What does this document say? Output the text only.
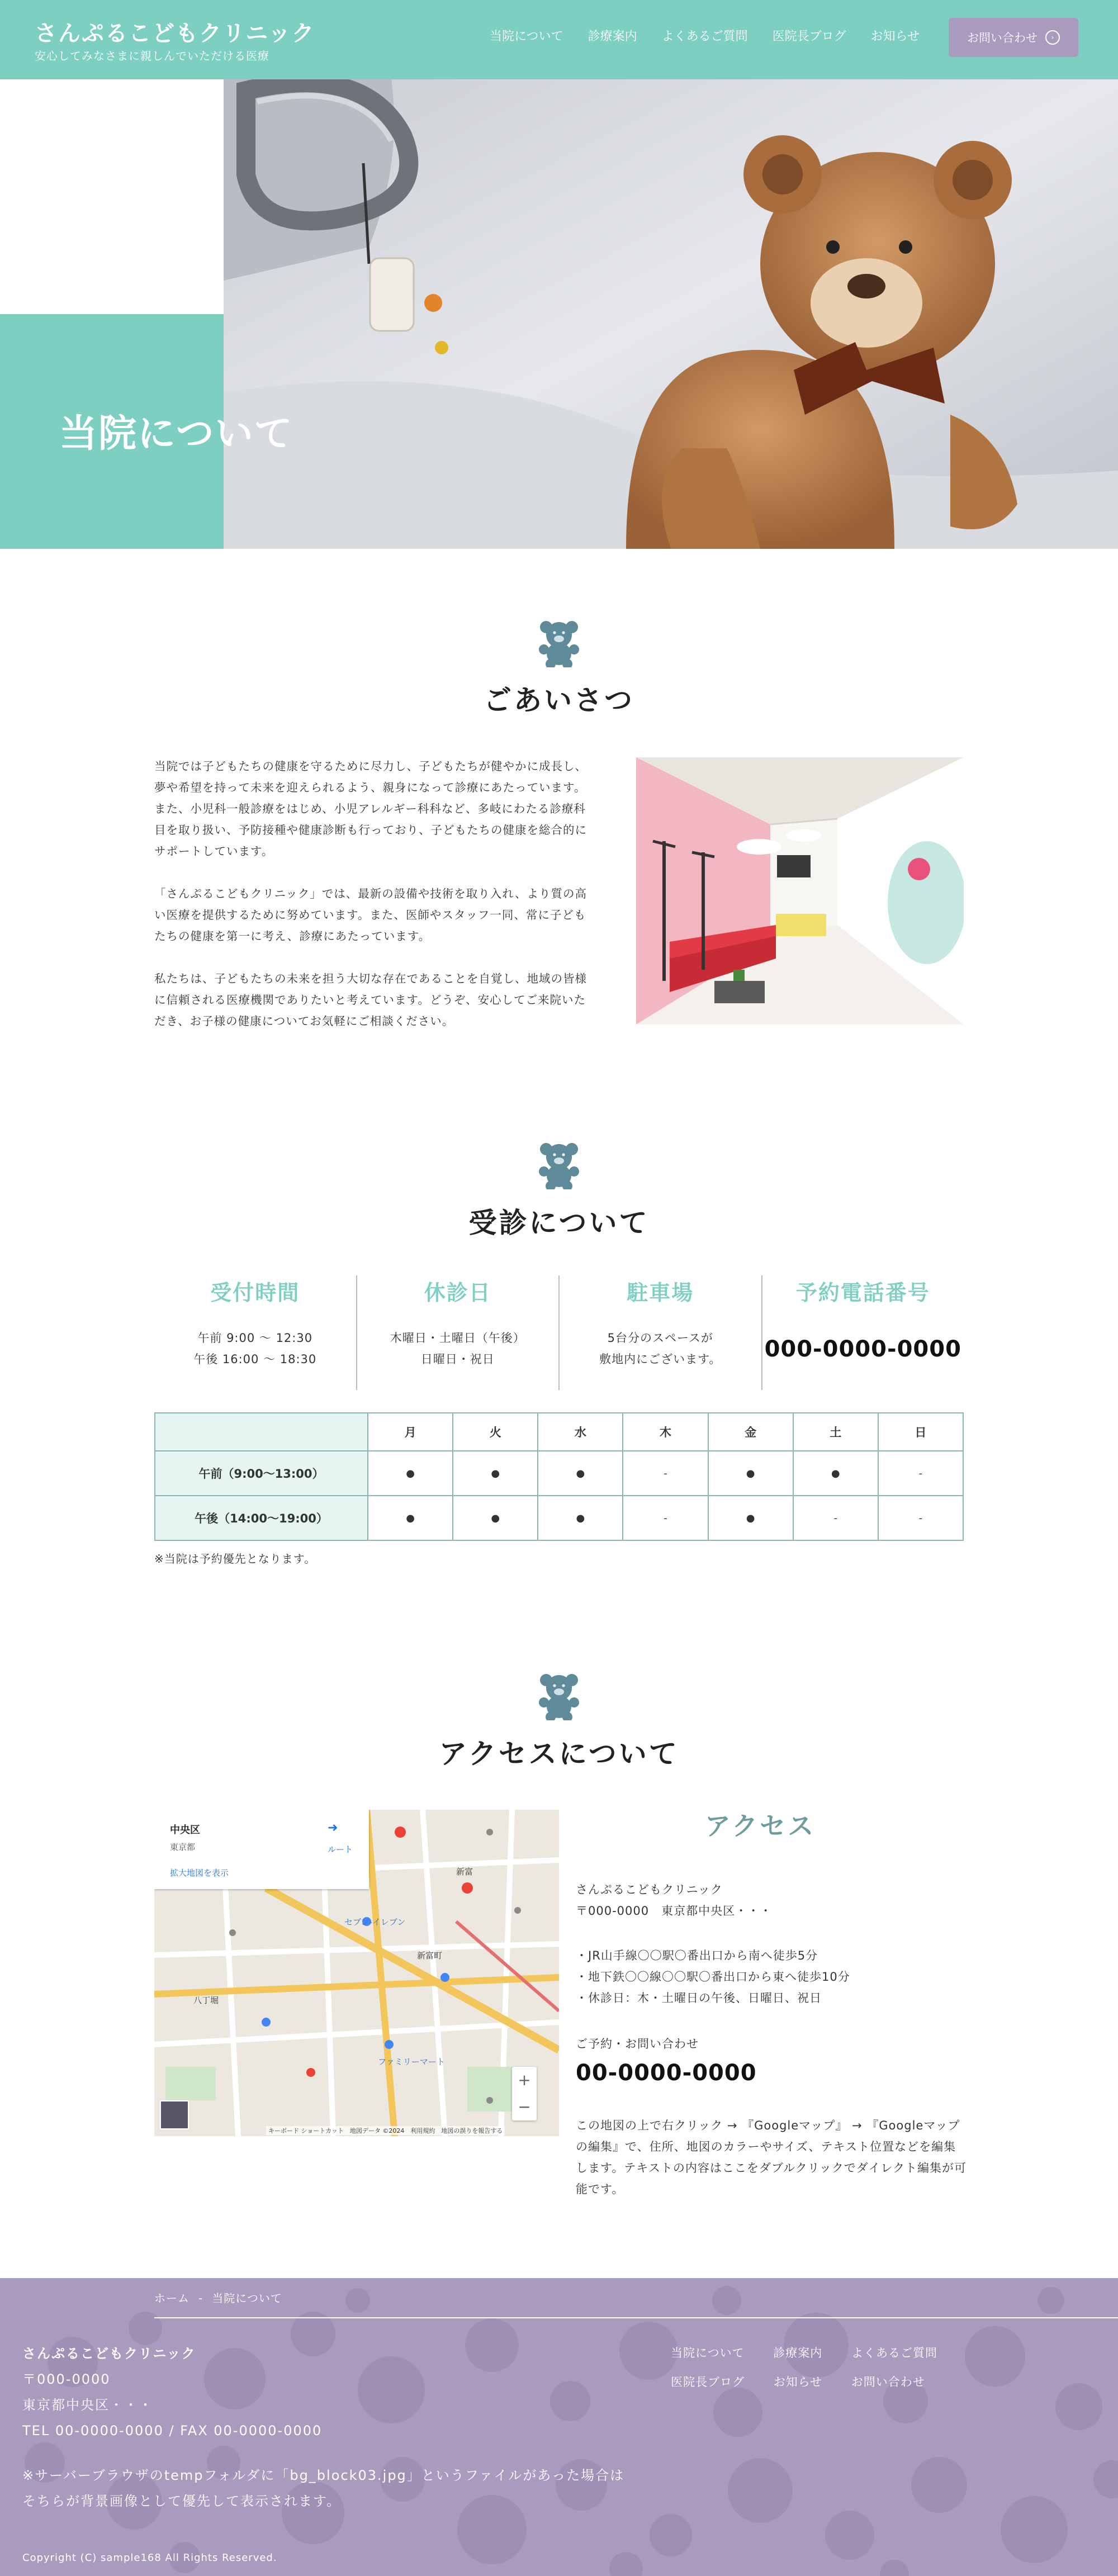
さんぷるこどもクリニック
安心してみなさまに親しんでいただける医療
当院について 診療案内 よくあるご質問 医院長ブログ お知らせ	お問い合わせ	›
当院について
ごあいさつ

当院では子どもたちの健康を守るために尽力し、子どもたちが健やかに成長し、夢や希望を持って未来を迎えられるよう、親身になって診療にあたっています。また、小児科一般診療をはじめ、小児アレルギー科科など、多岐にわたる診療科目を取り扱い、予防接種や健康診断も行っており、子どもたちの健康を総合的にサポートしています。

「さんぷるこどもクリニック」では、最新の設備や技術を取り入れ、より質の高い医療を提供するために努めています。また、医師やスタッフ一同、常に子どもたちの健康を第一に考え、診療にあたっています。

私たちは、子どもたちの未来を担う大切な存在であることを自覚し、地域の皆様に信頼される医療機関でありたいと考えています。どうぞ、安心してご来院いただき、お子様の健康についてお気軽にご相談ください。

受診について
受付時間
午前 9:00 〜 12:30
午後 16:00 〜 18:30
休診日
木曜日・土曜日（午後）
日曜日・祝日
駐車場
5台分のスペースが
敷地内にございます。
予約電話番号
000-0000-0000
	月	火	水	木	金	土	日
午前（9:00〜13:00）	●	●	●	-	●	●	-
午後（14:00〜19:00）	●	●	●	-	●	-	-
※当院は予約優先となります。
アクセスについて
中央区
東京都
拡大地図を表示
➜
ルート
セブン-イレブン
新富町
ファミリーマート
八丁堀
新富
+
−
キーボード ショートカット　地図データ ©2024　利用規約　地図の誤りを報告する
アクセス
さんぷるこどもクリニック
〒000-0000　東京都中央区・・・
・ JR山手線〇〇駅〇番出口から南へ徒歩5分
・ 地下鉄〇〇線〇〇駅〇番出口から東へ徒歩10分
・ 休診日：木・土曜日の午後、日曜日、祝日
ご予約・お問い合わせ
00-0000-0000
この地図の上で右クリック → 『Googleマップ』 → 『Googleマップの編集』で、住所、地図のカラーやサイズ、テキスト位置などを編集します。テキストの内容はここをダブルクリックでダイレクト編集が可能です。
ホーム - 当院について
さんぷるこどもクリニック
〒000-0000
東京都中央区・・・
TEL 00-0000-0000 / FAX 00-0000-0000
※サーバーブラウザのtempフォルダに「bg_block03.jpg」というファイルがあった場合は
そちらが背景画像として優先して表示されます。
当院について 診療案内 よくあるご質問 医院長ブログ お知らせ お問い合わせ
Copyright (C) sample168 All Rights Reserved.
